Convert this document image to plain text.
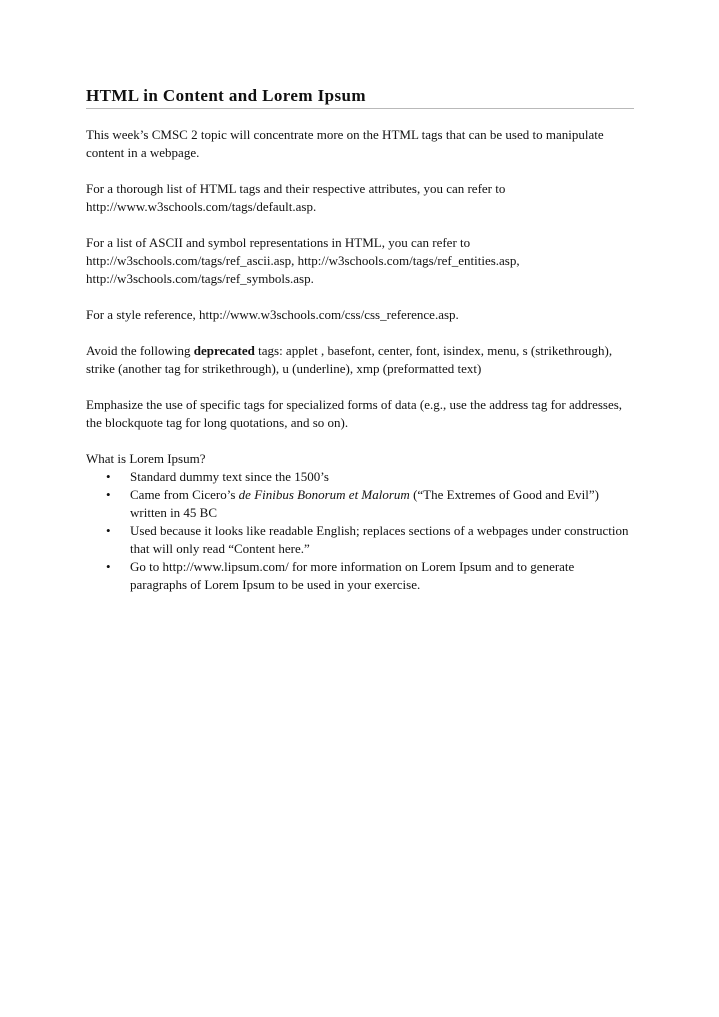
HTML in Content and Lorem Ipsum

This week’s CMSC 2 topic will concentrate more on the HTML tags that can be used to manipulate content in a webpage.

For a thorough list of HTML tags and their respective attributes, you can refer to
http://www.w3schools.com/tags/default.asp.

For a list of ASCII and symbol representations in HTML, you can refer to
http://w3schools.com/tags/ref_ascii.asp, http://w3schools.com/tags/ref_entities.asp,
http://w3schools.com/tags/ref_symbols.asp.

For a style reference, http://www.w3schools.com/css/css_reference.asp.

Avoid the following deprecated tags: applet , basefont, center, font, isindex, menu, s (strikethrough), strike (another tag for strikethrough), u (underline), xmp (preformatted text)

Emphasize the use of specific tags for specialized forms of data (e.g., use the address tag for addresses, the blockquote tag for long quotations, and so on).

What is Lorem Ipsum?

• Standard dummy text since the 1500’s
• Came from Cicero’s de Finibus Bonorum et Malorum (“The Extremes of Good and Evil”) written in 45 BC
• Used because it looks like readable English; replaces sections of a webpages under construction that will only read “Content here.”
• Go to http://www.lipsum.com/ for more information on Lorem Ipsum and to generate paragraphs of Lorem Ipsum to be used in your exercise.
